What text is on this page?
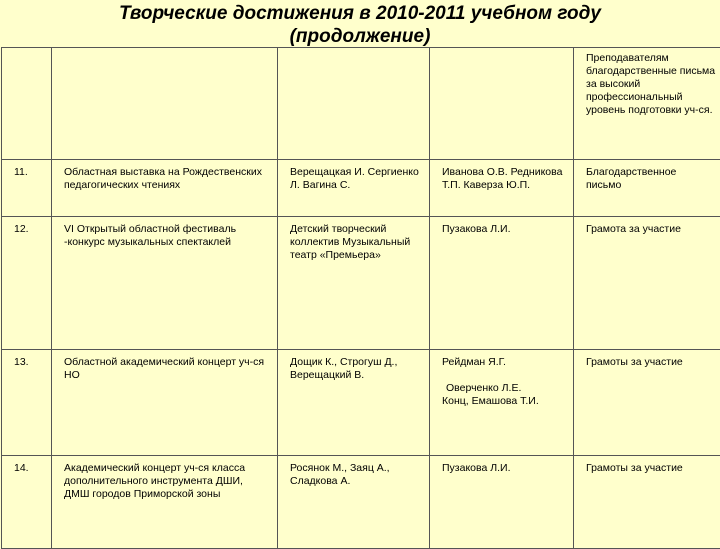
Творческие достижения в 2010-2011 учебном году
(продолжение)
				Преподавателям благодарственные письма за высокий профессиональный уровень подготовки уч-ся.
11.	Областная выставка на Рождественских педагогических чтениях	Верещацкая И. Сергиенко Л. Вагина С.	Иванова О.В. Редникова Т.П. Каверза Ю.П.	Благодарственное письмо
12.	VI Открытый областной фестиваль -конкурс музыкальных спектаклей	Детский творческий коллектив Музыкальный театр «Премьера»	Пузакова Л.И.	Грамота за участие
13.	Областной академический концерт уч-ся НО	Дощик К., Строгуш Д., Верещацкий В.	Рейдман Я.Г.
Оверченко Л.Е.
Конц, Емашова Т.И.	Грамоты за участие
14.	Академический концерт уч-ся класса дополнительного инструмента ДШИ, ДМШ городов Приморской зоны	Росянок М., Заяц А., Сладкова А.	Пузакова Л.И.	Грамоты за участие
